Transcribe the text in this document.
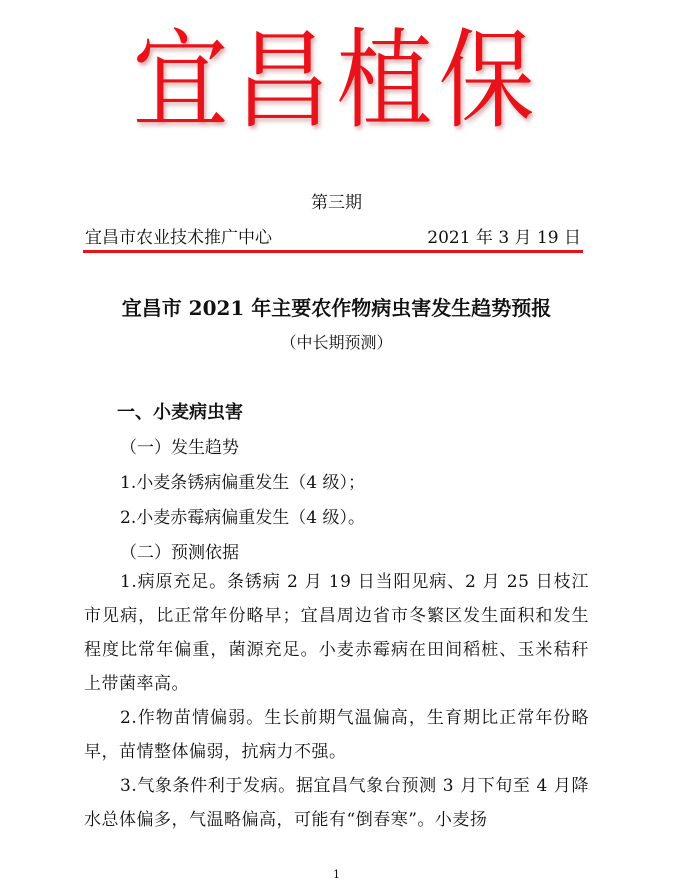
宜昌植保
第三期
宜昌市农业技术推广中心	2021 年 3 月 19 日
宜昌市 2021 年主要农作物病虫害发生趋势预报
（中长期预测）
一、小麦病虫害
（一）发生趋势
1.小麦条锈病偏重发生（4 级）；
2.小麦赤霉病偏重发生（4 级）。
（二）预测依据
1.病原充足。条锈病 2 月 19 日当阳见病、2 月 25 日枝江市见病，比正常年份略早；宜昌周边省市冬繁区发生面积和发生程度比常年偏重，菌源充足。小麦赤霉病在田间稻桩、玉米秸秆上带菌率高。
2.作物苗情偏弱。生长前期气温偏高，生育期比正常年份略早，苗情整体偏弱，抗病力不强。
3.气象条件利于发病。据宜昌气象台预测 3 月下旬至 4 月降水总体偏多，气温略偏高，可能有“倒春寒”。小麦扬
1
